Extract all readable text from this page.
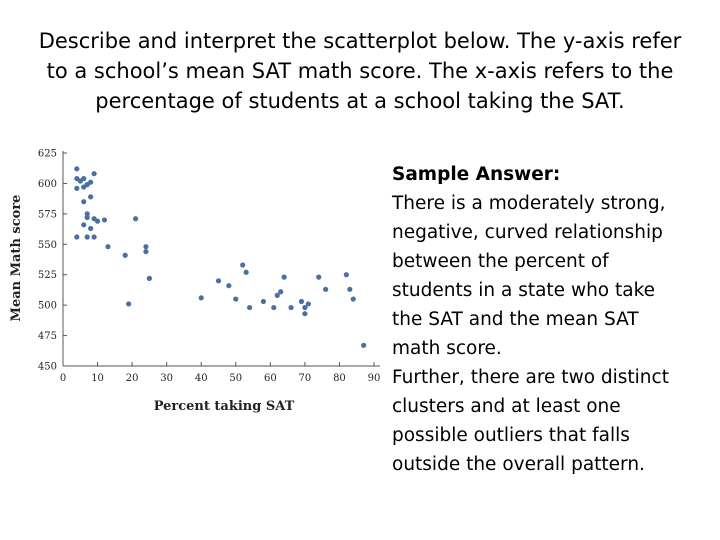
Describe and interpret the scatterplot below. The y-axis refer
to a school’s mean SAT math score. The x-axis refers to the
percentage of students at a school taking the SAT.
450
475
500
525
550
575
600
625
0	10 20 30 40 50 60 70 80 90
Percent taking SAT
Mean Math score
Sample Answer:
There is a moderately strong,
negative, curved relationship
between the percent of
students in a state who take
the SAT and the mean SAT
math score.
Further, there are two distinct
clusters and at least one
possible outliers that falls
outside the overall pattern.
